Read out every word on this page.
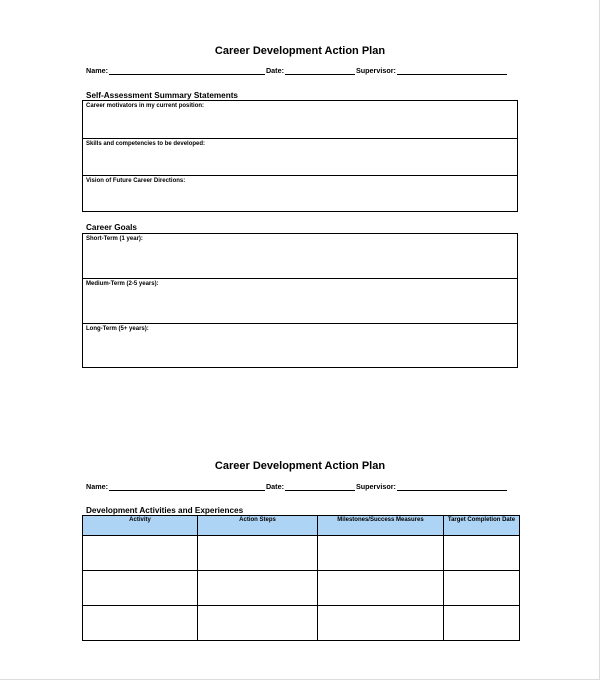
Career Development Action Plan
Name:	Date:	Supervisor:
Self-Assessment Summary Statements
Career motivators in my current position:
Skills and competencies to be developed:
Vision of Future Career Directions:
Career Goals
Short-Term (1 year):
Medium-Term (2-5 years):
Long-Term (5+ years):
Career Development Action Plan
Name:	Date:	Supervisor:
Development Activities and Experiences
Activity	Action Steps	Milestones/Success Measures	Target Completion Date
